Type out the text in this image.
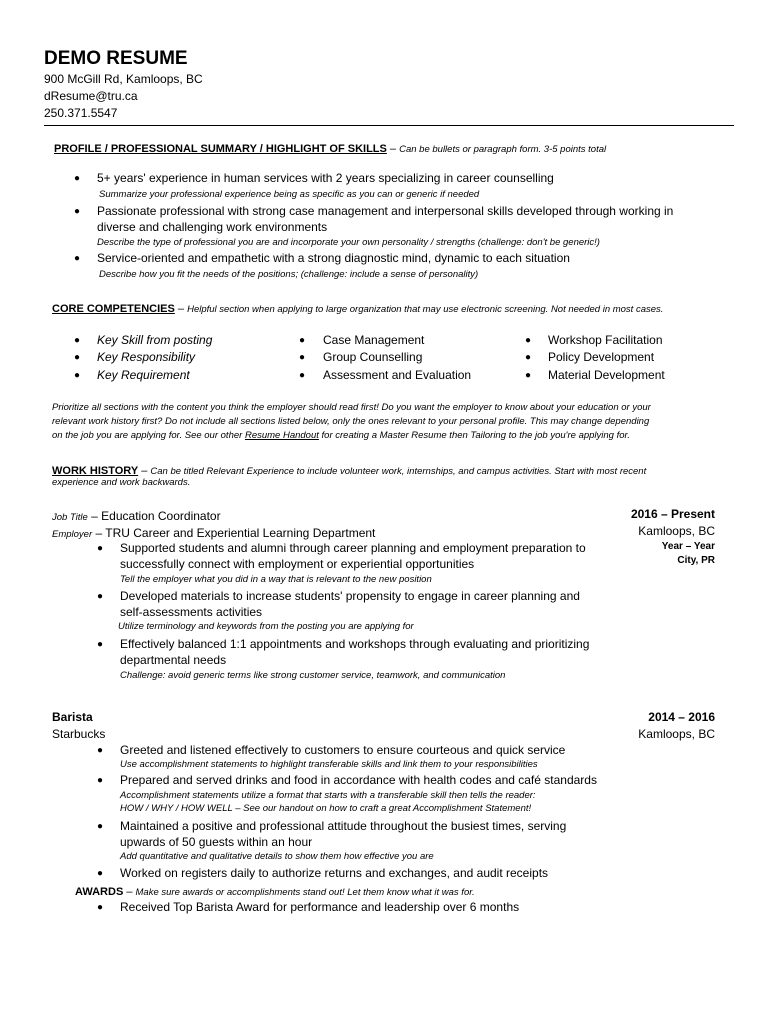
DEMO RESUME
900 McGill Rd, Kamloops, BC
dResume@tru.ca
250.371.5547
PROFILE / PROFESSIONAL SUMMARY / HIGHLIGHT OF SKILLS – Can be bullets or paragraph form. 3-5 points total
● 5+ years' experience in human services with 2 years specializing in career counselling
Summarize your professional experience being as specific as you can or generic if needed
● Passionate professional with strong case management and interpersonal skills developed through working in
diverse and challenging work environments
Describe the type of professional you are and incorporate your own personality / strengths (challenge: don't be generic!)
● Service-oriented and empathetic with a strong diagnostic mind, dynamic to each situation
Describe how you fit the needs of the positions; (challenge: include a sense of personality)
CORE COMPETENCIES – Helpful section when applying to large organization that may use electronic screening. Not needed in most cases.
● Key Skill from posting
● Key Responsibility
● Key Requirement
● Case Management
● Group Counselling
● Assessment and Evaluation
● Workshop Facilitation
● Policy Development
● Material Development
Prioritize all sections with the content you think the employer should read first! Do you want the employer to know about your education or your
relevant work history first? Do not include all sections listed below, only the ones relevant to your personal profile. This may change depending
on the job you are applying for. See our other Resume Handout for creating a Master Resume then Tailoring to the job you're applying for.
WORK HISTORY – Can be titled Relevant Experience to include volunteer work, internships, and campus activities. Start with most recent
experience and work backwards.
Job Title – Education Coordinator	2016 – Present
Employer – TRU Career and Experiential Learning Department	Kamloops, BC
Year – Year
City, PR
● Supported students and alumni through career planning and employment preparation to
successfully connect with employment or experiential opportunities
Tell the employer what you did in a way that is relevant to the new position
● Developed materials to increase students' propensity to engage in career planning and
self-assessments activities
Utilize terminology and keywords from the posting you are applying for
● Effectively balanced 1:1 appointments and workshops through evaluating and prioritizing
departmental needs
Challenge: avoid generic terms like strong customer service, teamwork, and communication
Barista	2014 – 2016
Starbucks	Kamloops, BC
● Greeted and listened effectively to customers to ensure courteous and quick service
Use accomplishment statements to highlight transferable skills and link them to your responsibilities
● Prepared and served drinks and food in accordance with health codes and café standards
Accomplishment statements utilize a format that starts with a transferable skill then tells the reader:
HOW / WHY / HOW WELL – See our handout on how to craft a great Accomplishment Statement!
● Maintained a positive and professional attitude throughout the busiest times, serving
upwards of 50 guests within an hour
Add quantitative and qualitative details to show them how effective you are
● Worked on registers daily to authorize returns and exchanges, and audit receipts
AWARDS – Make sure awards or accomplishments stand out! Let them know what it was for.
● Received Top Barista Award for performance and leadership over 6 months
